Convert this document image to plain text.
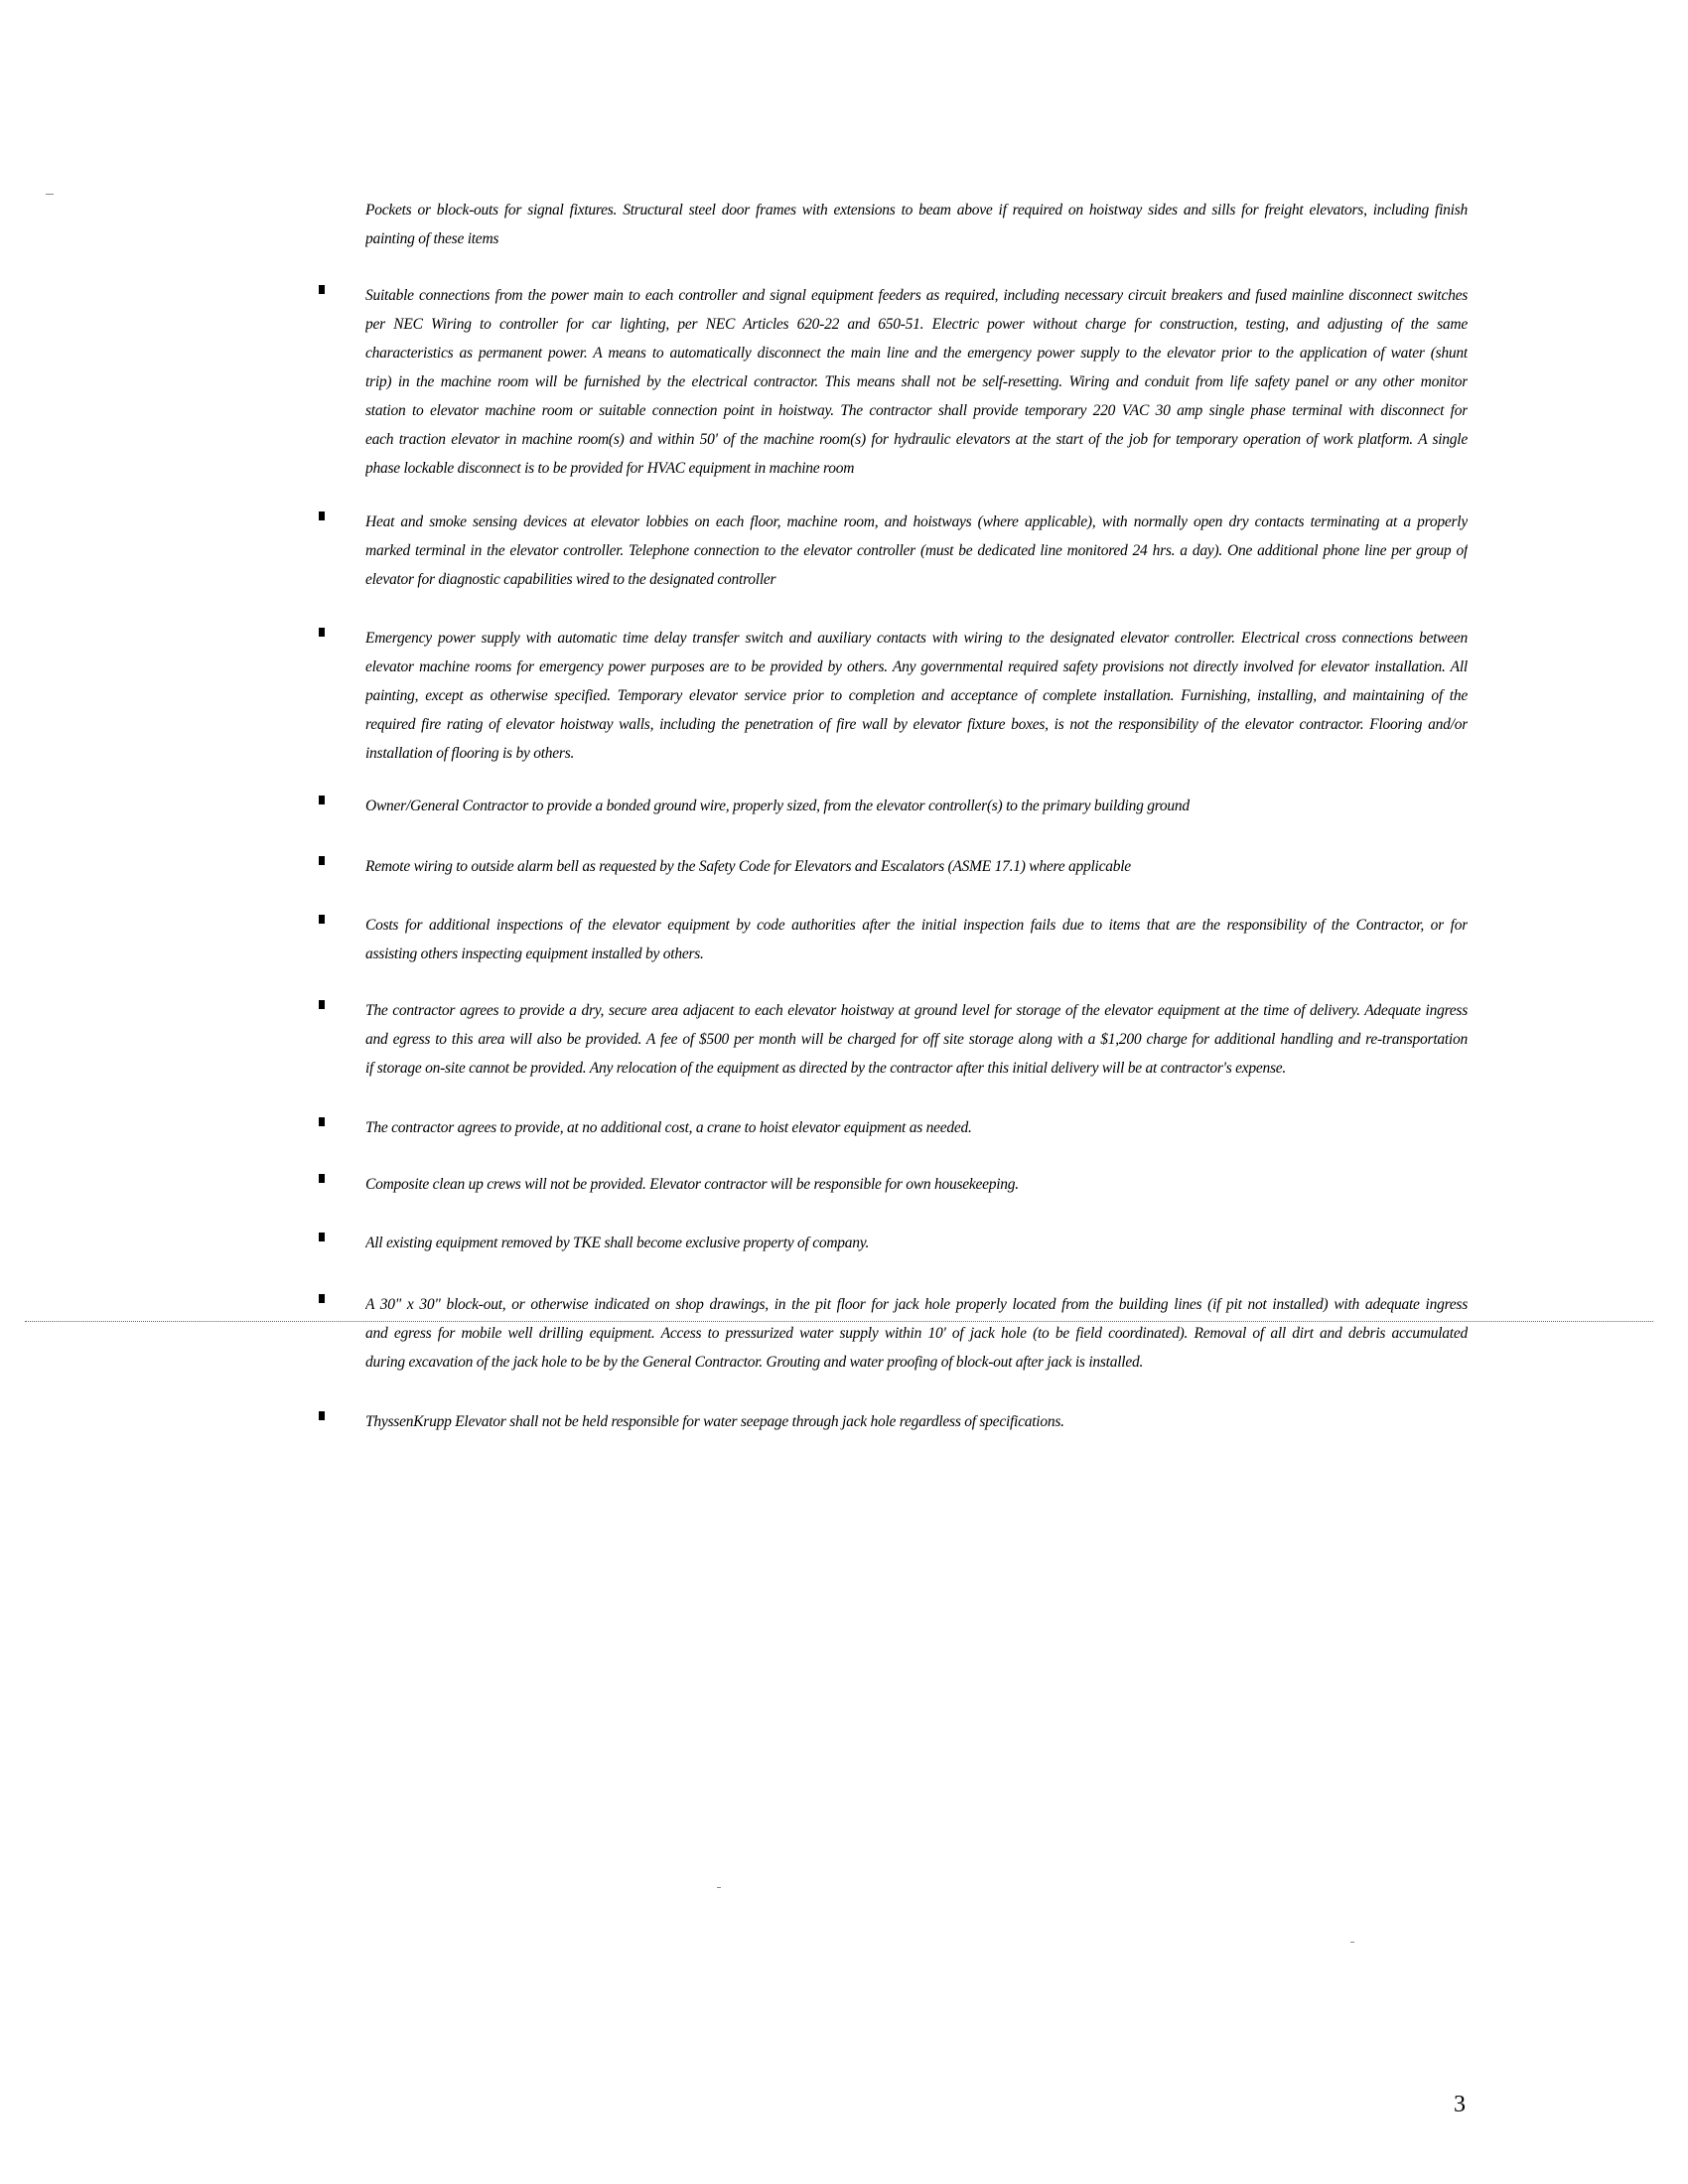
Pockets or block-outs for signal fixtures. Structural steel door frames with extensions to beam above if required on hoistway sides and sills for freight elevators, including finish
painting of these items
Suitable connections from the power main to each controller and signal equipment feeders as required, including necessary circuit breakers and fused mainline disconnect switches
per NEC Wiring to controller for car lighting, per NEC Articles 620-22 and 650-51. Electric power without charge for construction, testing, and adjusting of the same
characteristics as permanent power. A means to automatically disconnect the main line and the emergency power supply to the elevator prior to the application of water (shunt
trip) in the machine room will be furnished by the electrical contractor. This means shall not be self-resetting. Wiring and conduit from life safety panel or any other monitor
station to elevator machine room or suitable connection point in hoistway. The contractor shall provide temporary 220 VAC 30 amp single phase terminal with disconnect for
each traction elevator in machine room(s) and within 50' of the machine room(s) for hydraulic elevators at the start of the job for temporary operation of work platform. A single
phase lockable disconnect is to be provided for HVAC equipment in machine room
Heat and smoke sensing devices at elevator lobbies on each floor, machine room, and hoistways (where applicable), with normally open dry contacts terminating at a properly
marked terminal in the elevator controller. Telephone connection to the elevator controller (must be dedicated line monitored 24 hrs. a day). One additional phone line per group of
elevator for diagnostic capabilities wired to the designated controller
Emergency power supply with automatic time delay transfer switch and auxiliary contacts with wiring to the designated elevator controller. Electrical cross connections between
elevator machine rooms for emergency power purposes are to be provided by others. Any governmental required safety provisions not directly involved for elevator installation. All
painting, except as otherwise specified. Temporary elevator service prior to completion and acceptance of complete installation. Furnishing, installing, and maintaining of the
required fire rating of elevator hoistway walls, including the penetration of fire wall by elevator fixture boxes, is not the responsibility of the elevator contractor. Flooring and/or
installation of flooring is by others.
Owner/General Contractor to provide a bonded ground wire, properly sized, from the elevator controller(s) to the primary building ground
Remote wiring to outside alarm bell as requested by the Safety Code for Elevators and Escalators (ASME 17.1) where applicable
Costs for additional inspections of the elevator equipment by code authorities after the initial inspection fails due to items that are the responsibility of the Contractor, or for
assisting others inspecting equipment installed by others.
The contractor agrees to provide a dry, secure area adjacent to each elevator hoistway at ground level for storage of the elevator equipment at the time of delivery. Adequate ingress
and egress to this area will also be provided. A fee of $500 per month will be charged for off site storage along with a $1,200 charge for additional handling and re-transportation
if storage on-site cannot be provided. Any relocation of the equipment as directed by the contractor after this initial delivery will be at contractor's expense.
The contractor agrees to provide, at no additional cost, a crane to hoist elevator equipment as needed.
Composite clean up crews will not be provided. Elevator contractor will be responsible for own housekeeping.
All existing equipment removed by TKE shall become exclusive property of company.
A 30" x 30" block-out, or otherwise indicated on shop drawings, in the pit floor for jack hole properly located from the building lines (if pit not installed) with adequate ingress
and egress for mobile well drilling equipment. Access to pressurized water supply within 10' of jack hole (to be field coordinated). Removal of all dirt and debris accumulated
during excavation of the jack hole to be by the General Contractor. Grouting and water proofing of block-out after jack is installed.
ThyssenKrupp Elevator shall not be held responsible for water seepage through jack hole regardless of specifications.
3
